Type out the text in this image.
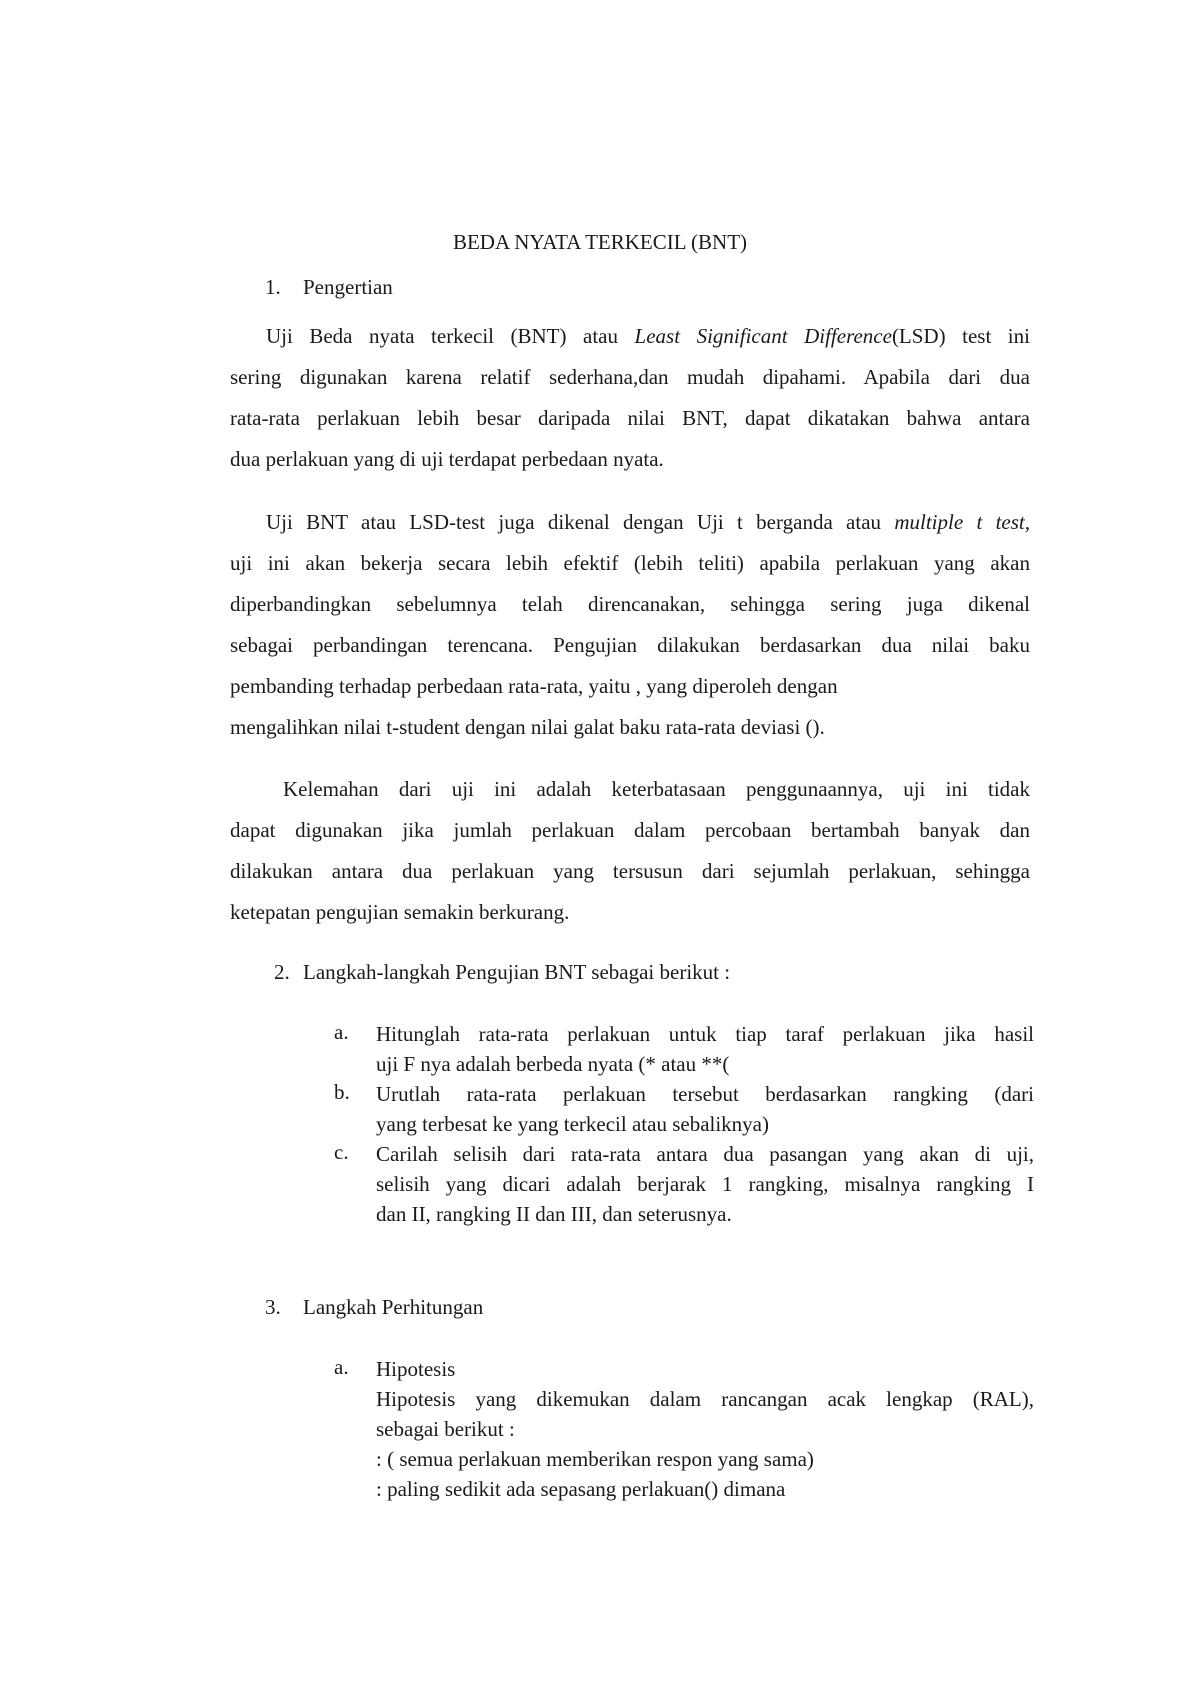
BEDA NYATA TERKECIL (BNT)
1. Pengertian
Uji Beda nyata terkecil (BNT) atau Least Significant Difference(LSD) test ini
sering digunakan karena relatif sederhana,dan mudah dipahami. Apabila dari dua
rata-rata perlakuan lebih besar daripada nilai BNT, dapat dikatakan bahwa antara
dua perlakuan yang di uji terdapat perbedaan nyata.
Uji BNT atau LSD-test juga dikenal dengan Uji t berganda atau multiple t test,
uji ini akan bekerja secara lebih efektif (lebih teliti) apabila perlakuan yang akan
diperbandingkan sebelumnya telah direncanakan, sehingga sering juga dikenal
sebagai perbandingan terencana. Pengujian dilakukan berdasarkan dua nilai baku
pembanding terhadap perbedaan rata-rata, yaitu , yang diperoleh dengan
mengalihkan nilai t-student dengan nilai galat baku rata-rata deviasi ().
Kelemahan dari uji ini adalah keterbatasaan penggunaannya, uji ini tidak
dapat digunakan jika jumlah perlakuan dalam percobaan bertambah banyak dan
dilakukan antara dua perlakuan yang tersusun dari sejumlah perlakuan, sehingga
ketepatan pengujian semakin berkurang.
2. Langkah-langkah Pengujian BNT sebagai berikut :
a. Hitunglah rata-rata perlakuan untuk tiap taraf perlakuan jika hasil
uji F nya adalah berbeda nyata (* atau **(
b. Urutlah rata-rata perlakuan tersebut berdasarkan rangking (dari
yang terbesat ke yang terkecil atau sebaliknya)
c. Carilah selisih dari rata-rata antara dua pasangan yang akan di uji,
selisih yang dicari adalah berjarak 1 rangking, misalnya rangking I
dan II, rangking II dan III, dan seterusnya.
3. Langkah Perhitungan
a. Hipotesis
Hipotesis yang dikemukan dalam rancangan acak lengkap (RAL),
sebagai berikut :
: ( semua perlakuan memberikan respon yang sama)
: paling sedikit ada sepasang perlakuan() dimana
